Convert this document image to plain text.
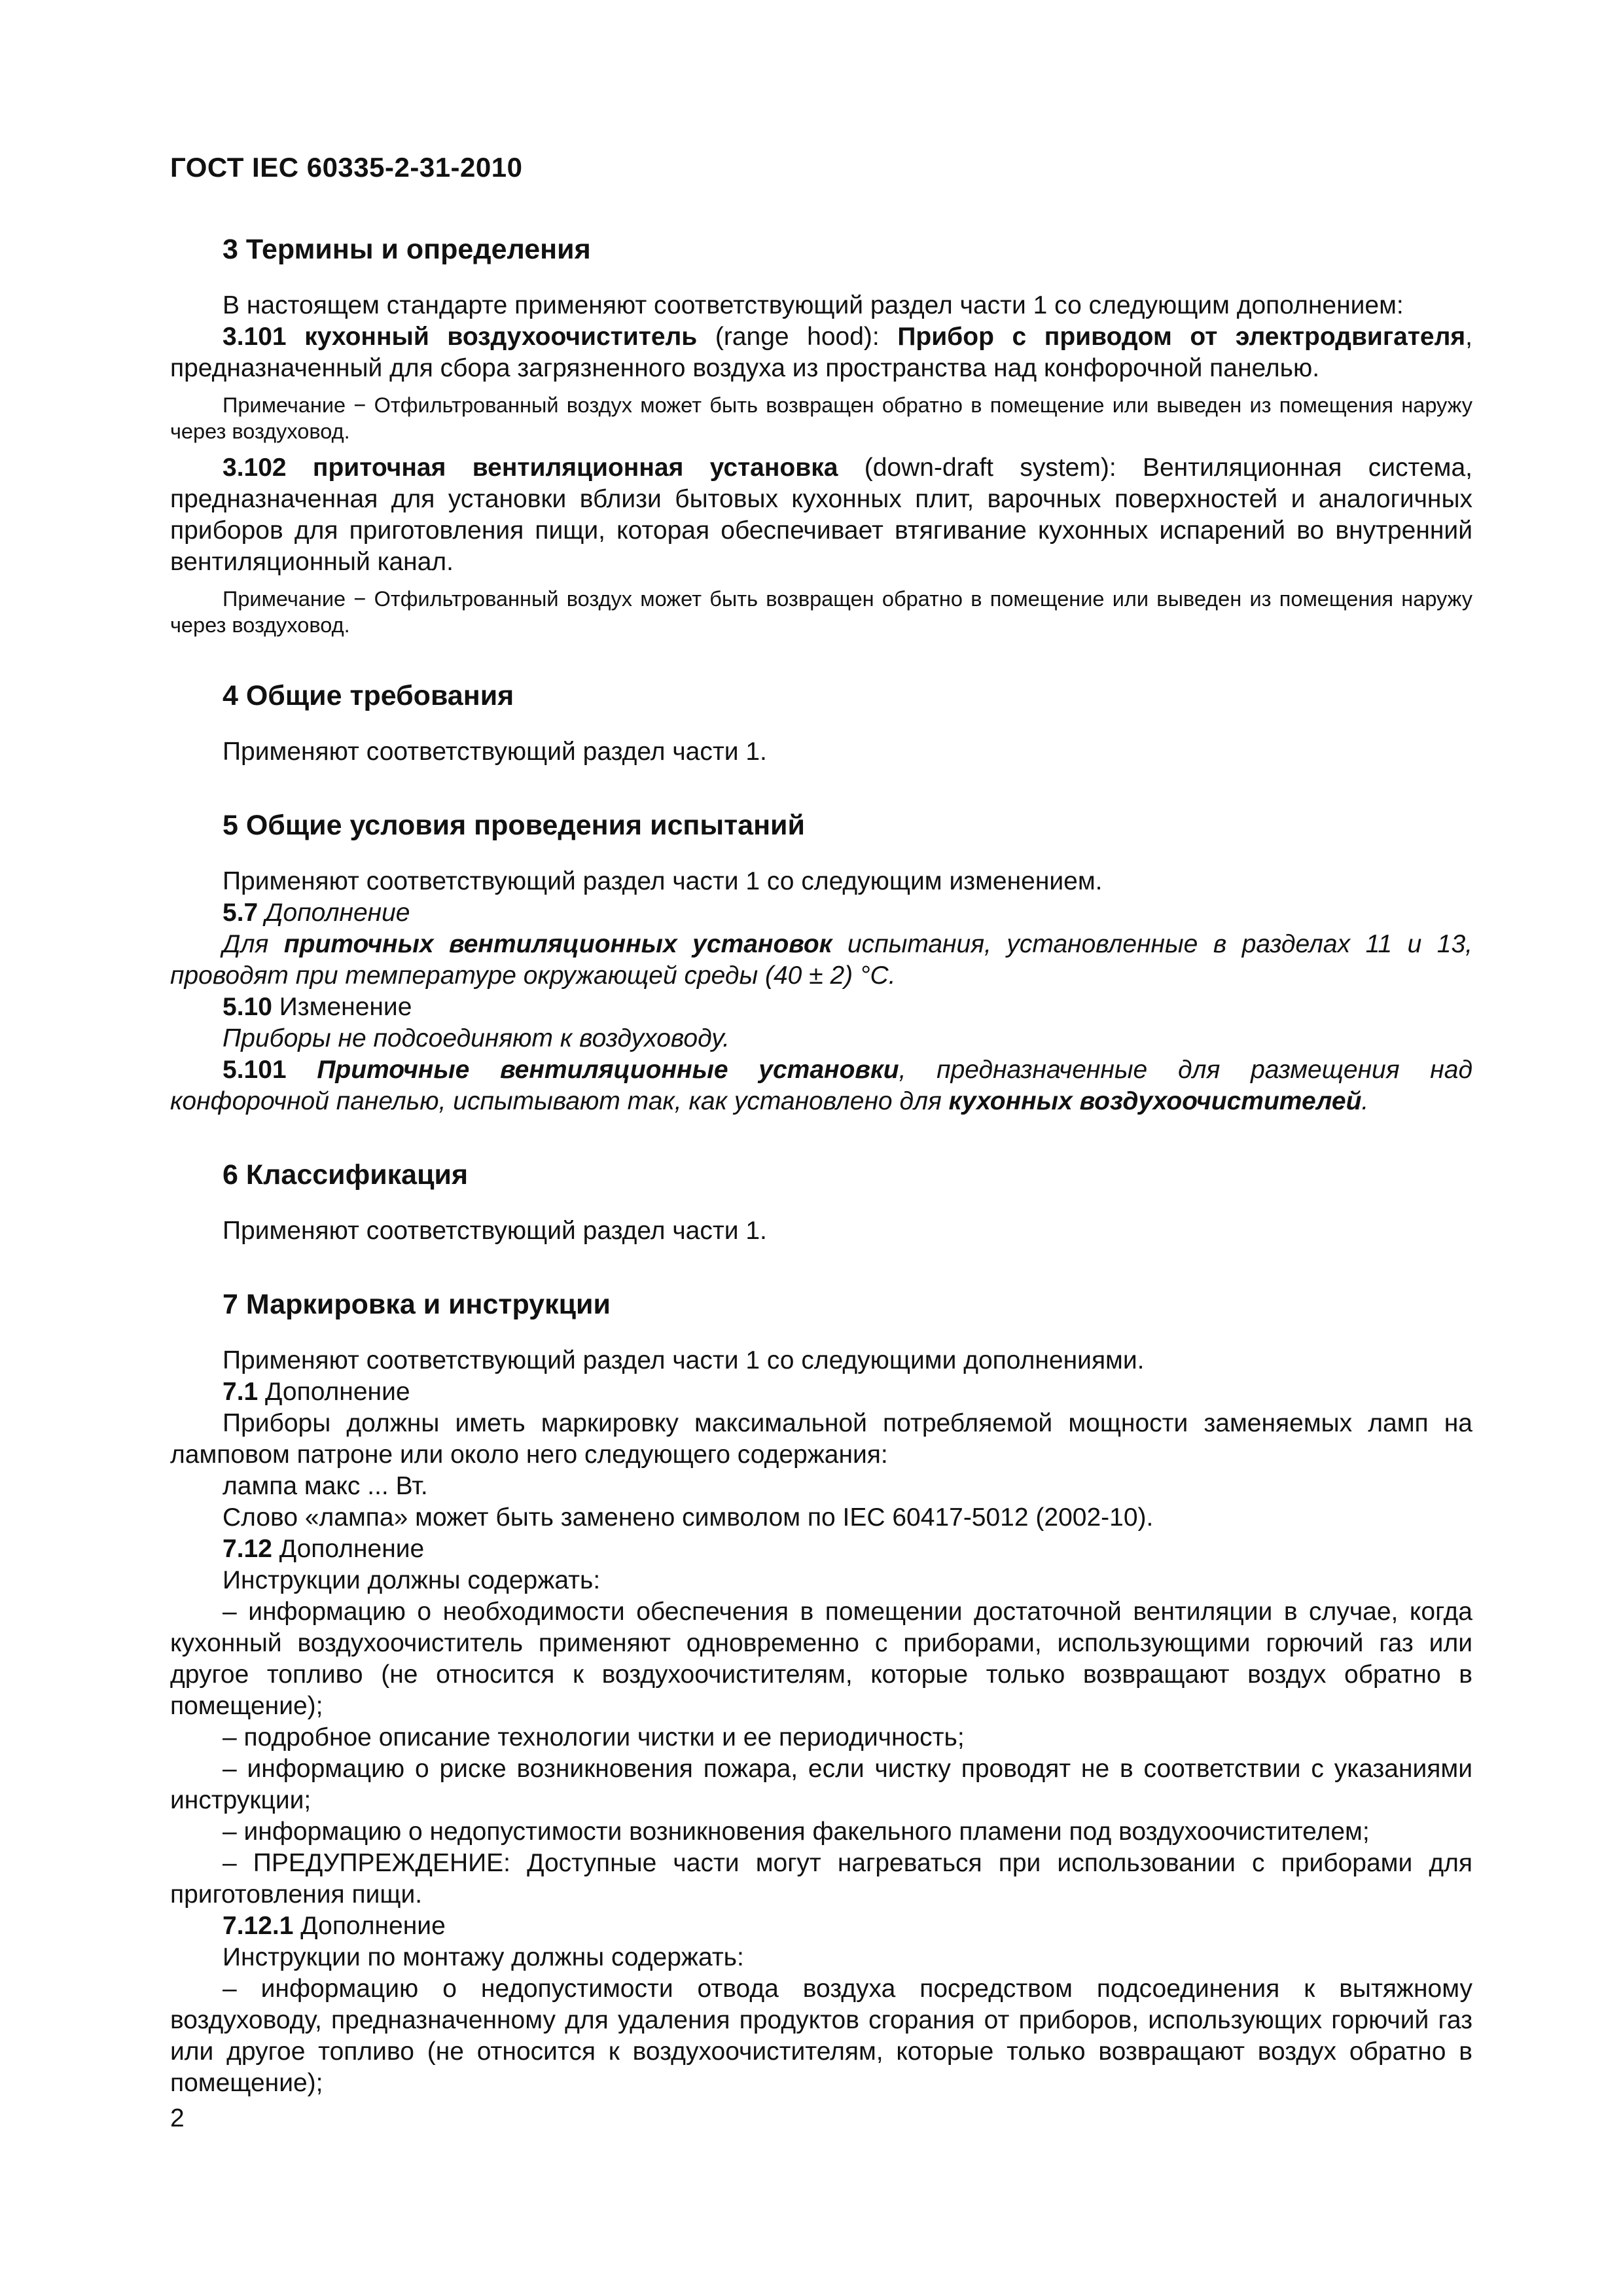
ГОСТ IEC 60335-2-31-2010
3 Термины и определения

В настоящем стандарте применяют соответствующий раздел части 1 со следующим дополнением:

3.101 кухонный воздухоочиститель (range hood): Прибор с приводом от электродвигателя, предназначенный для сбора загрязненного воздуха из пространства над конфорочной панелью.

Примечание − Отфильтрованный воздух может быть возвращен обратно в помещение или выведен из помещения наружу через воздуховод.

3.102 приточная вентиляционная установка (down-draft system): Вентиляционная система, предназначенная для установки вблизи бытовых кухонных плит, варочных поверхностей и аналогичных приборов для приготовления пищи, которая обеспечивает втягивание кухонных испарений во внутренний вентиляционный канал.

Примечание − Отфильтрованный воздух может быть возвращен обратно в помещение или выведен из помещения наружу через воздуховод.

4 Общие требования

Применяют соответствующий раздел части 1.

5 Общие условия проведения испытаний

Применяют соответствующий раздел части 1 со следующим изменением.

5.7 Дополнение

Для приточных вентиляционных установок испытания, установленные в разделах 11 и 13, проводят при температуре окружающей среды (40 ± 2) °С.

5.10 Изменение

Приборы не подсоединяют к воздуховоду.

5.101 Приточные вентиляционные установки, предназначенные для размещения над конфорочной панелью, испытывают так, как установлено для кухонных воздухоочистителей.

6 Классификация

Применяют соответствующий раздел части 1.

7 Маркировка и инструкции

Применяют соответствующий раздел части 1 со следующими дополнениями.

7.1 Дополнение

Приборы должны иметь маркировку максимальной потребляемой мощности заменяемых ламп на ламповом патроне или около него следующего содержания:

лампа макс ... Вт.

Слово «лампа» может быть заменено символом по IEC 60417-5012 (2002-10).

7.12 Дополнение

Инструкции должны содержать:

– информацию о необходимости обеспечения в помещении достаточной вентиляции в случае, когда кухонный воздухоочиститель применяют одновременно с приборами, использующими горючий газ или другое топливо (не относится к воздухоочистителям, которые только возвращают воздух обратно в помещение);

– подробное описание технологии чистки и ее периодичность;

– информацию о риске возникновения пожара, если чистку проводят не в соответствии с указаниями инструкции;

– информацию о недопустимости возникновения факельного пламени под воздухоочистителем;

– ПРЕДУПРЕЖДЕНИЕ: Доступные части могут нагреваться при использовании с приборами для приготовления пищи.

7.12.1 Дополнение

Инструкции по монтажу должны содержать:

– информацию о недопустимости отвода воздуха посредством подсоединения к вытяжному воздуховоду, предназначенному для удаления продуктов сгорания от приборов, использующих горючий газ или другое топливо (не относится к воздухоочистителям, которые только возвращают воздух обратно в помещение);

2
